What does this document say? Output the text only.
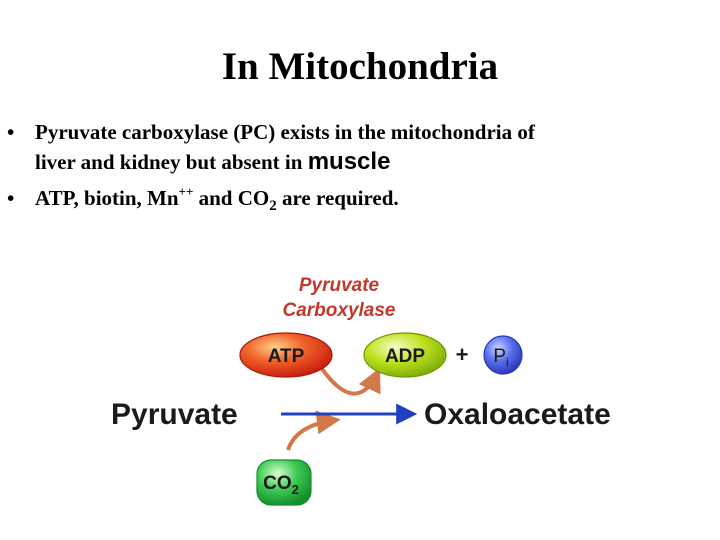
In Mitochondria
• Pyruvate carboxylase (PC) exists in the mitochondria of
liver and kidney but absent in muscle
• ATP, biotin, Mn++ and $CO_2$ are required.
Pyruvate
Carboxylase
ATP	ADP + $P_i$
Pyruvate	Oxaloacetate
$CO_2$
